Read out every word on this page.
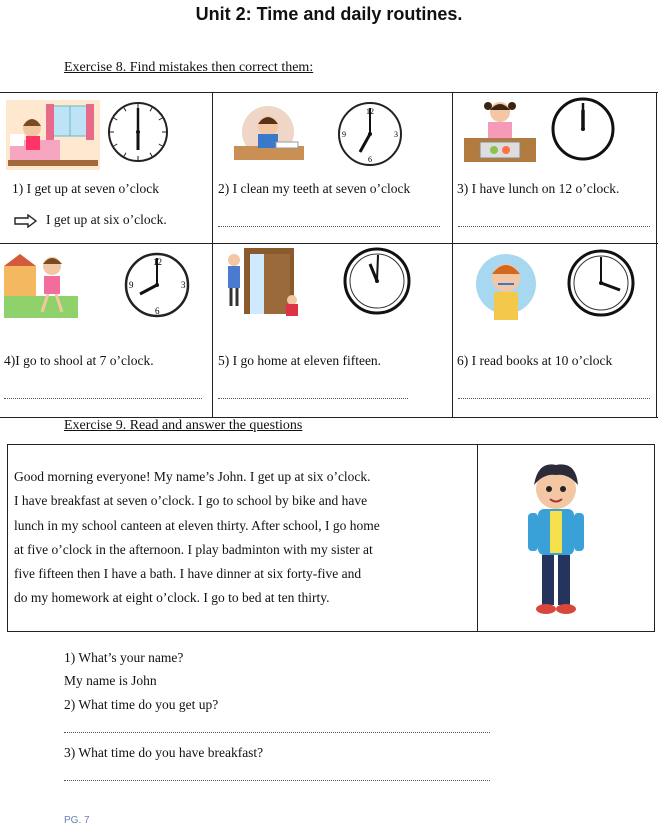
Unit 2: Time and daily routines.
Exercise 8. Find mistakes then correct them:
12
3
6
9
1) I get up at seven o’clock	2) I clean my teeth at seven o’clock	3) I have lunch on 12 o’clock.
I get up at six o’clock.
12
3
6
9
4)I go to shool at 7 o’clock.	5) I go home at eleven fifteen.	6) I read books at 10 o’clock
Exercise 9. Read and answer the questions
Good morning everyone! My name’s John. I get up at six o’clock.
I have breakfast at seven o’clock. I go to school by bike and have
lunch in my school canteen at eleven thirty. After school, I go home
at five o’clock in the afternoon. I play badminton with my sister at
five fifteen then I have a bath. I have dinner at six forty-five and
do my homework at eight o’clock. I go to bed at ten thirty.
1) What’s your name?
My name is John
2) What time do you get up?
3) What time do you have breakfast?
PG. 7
